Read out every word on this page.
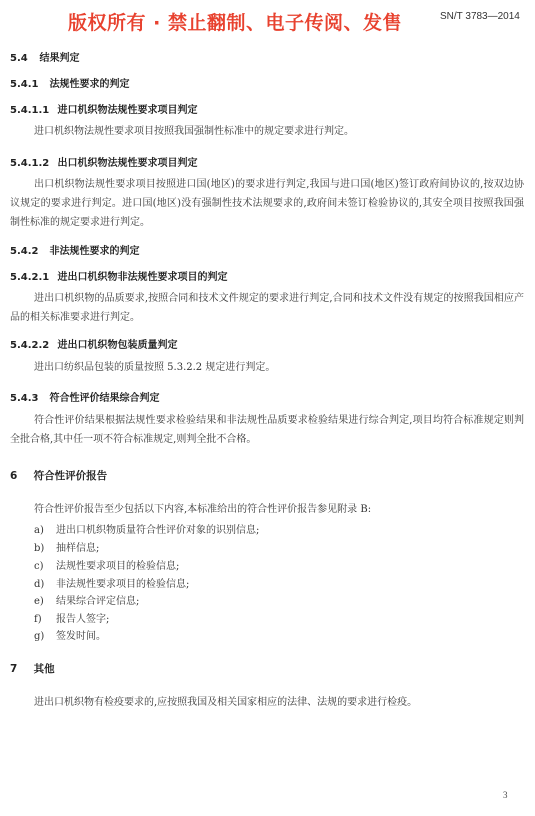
版权所有 · 禁止翻制、电子传阅、发售	SN/T 3783—2014
5.4 结果判定
5.4.1 法规性要求的判定
5.4.1.1 进口机织物法规性要求项目判定
进口机织物法规性要求项目按照我国强制性标准中的规定要求进行判定。
5.4.1.2 出口机织物法规性要求项目判定
出口机织物法规性要求项目按照进口国(地区)的要求进行判定,我国与进口国(地区)签订政府间协议的,按双边协议规定的要求进行判定。进口国(地区)没有强制性技术法规要求的,政府间未签订检验协议的,其安全项目按照我国强制性标准的规定要求进行判定。
5.4.2 非法规性要求的判定
5.4.2.1 进出口机织物非法规性要求项目的判定
进出口机织物的品质要求,按照合同和技术文件规定的要求进行判定,合同和技术文件没有规定的按照我国相应产品的相关标准要求进行判定。
5.4.2.2 进出口机织物包装质量判定
进出口纺织品包装的质量按照 5.3.2.2 规定进行判定。
5.4.3 符合性评价结果综合判定
符合性评价结果根据法规性要求检验结果和非法规性品质要求检验结果进行综合判定,项目均符合标准规定则判全批合格,其中任一项不符合标准规定,则判全批不合格。
6 符合性评价报告
符合性评价报告至少包括以下内容,本标准给出的符合性评价报告参见附录 B:
a) 进出口机织物质量符合性评价对象的识别信息;
b) 抽样信息;
c) 法规性要求项目的检验信息;
d) 非法规性要求项目的检验信息;
e) 结果综合评定信息;
f) 报告人签字;
g) 签发时间。
7 其他
进出口机织物有检疫要求的,应按照我国及相关国家相应的法律、法规的要求进行检疫。
3
